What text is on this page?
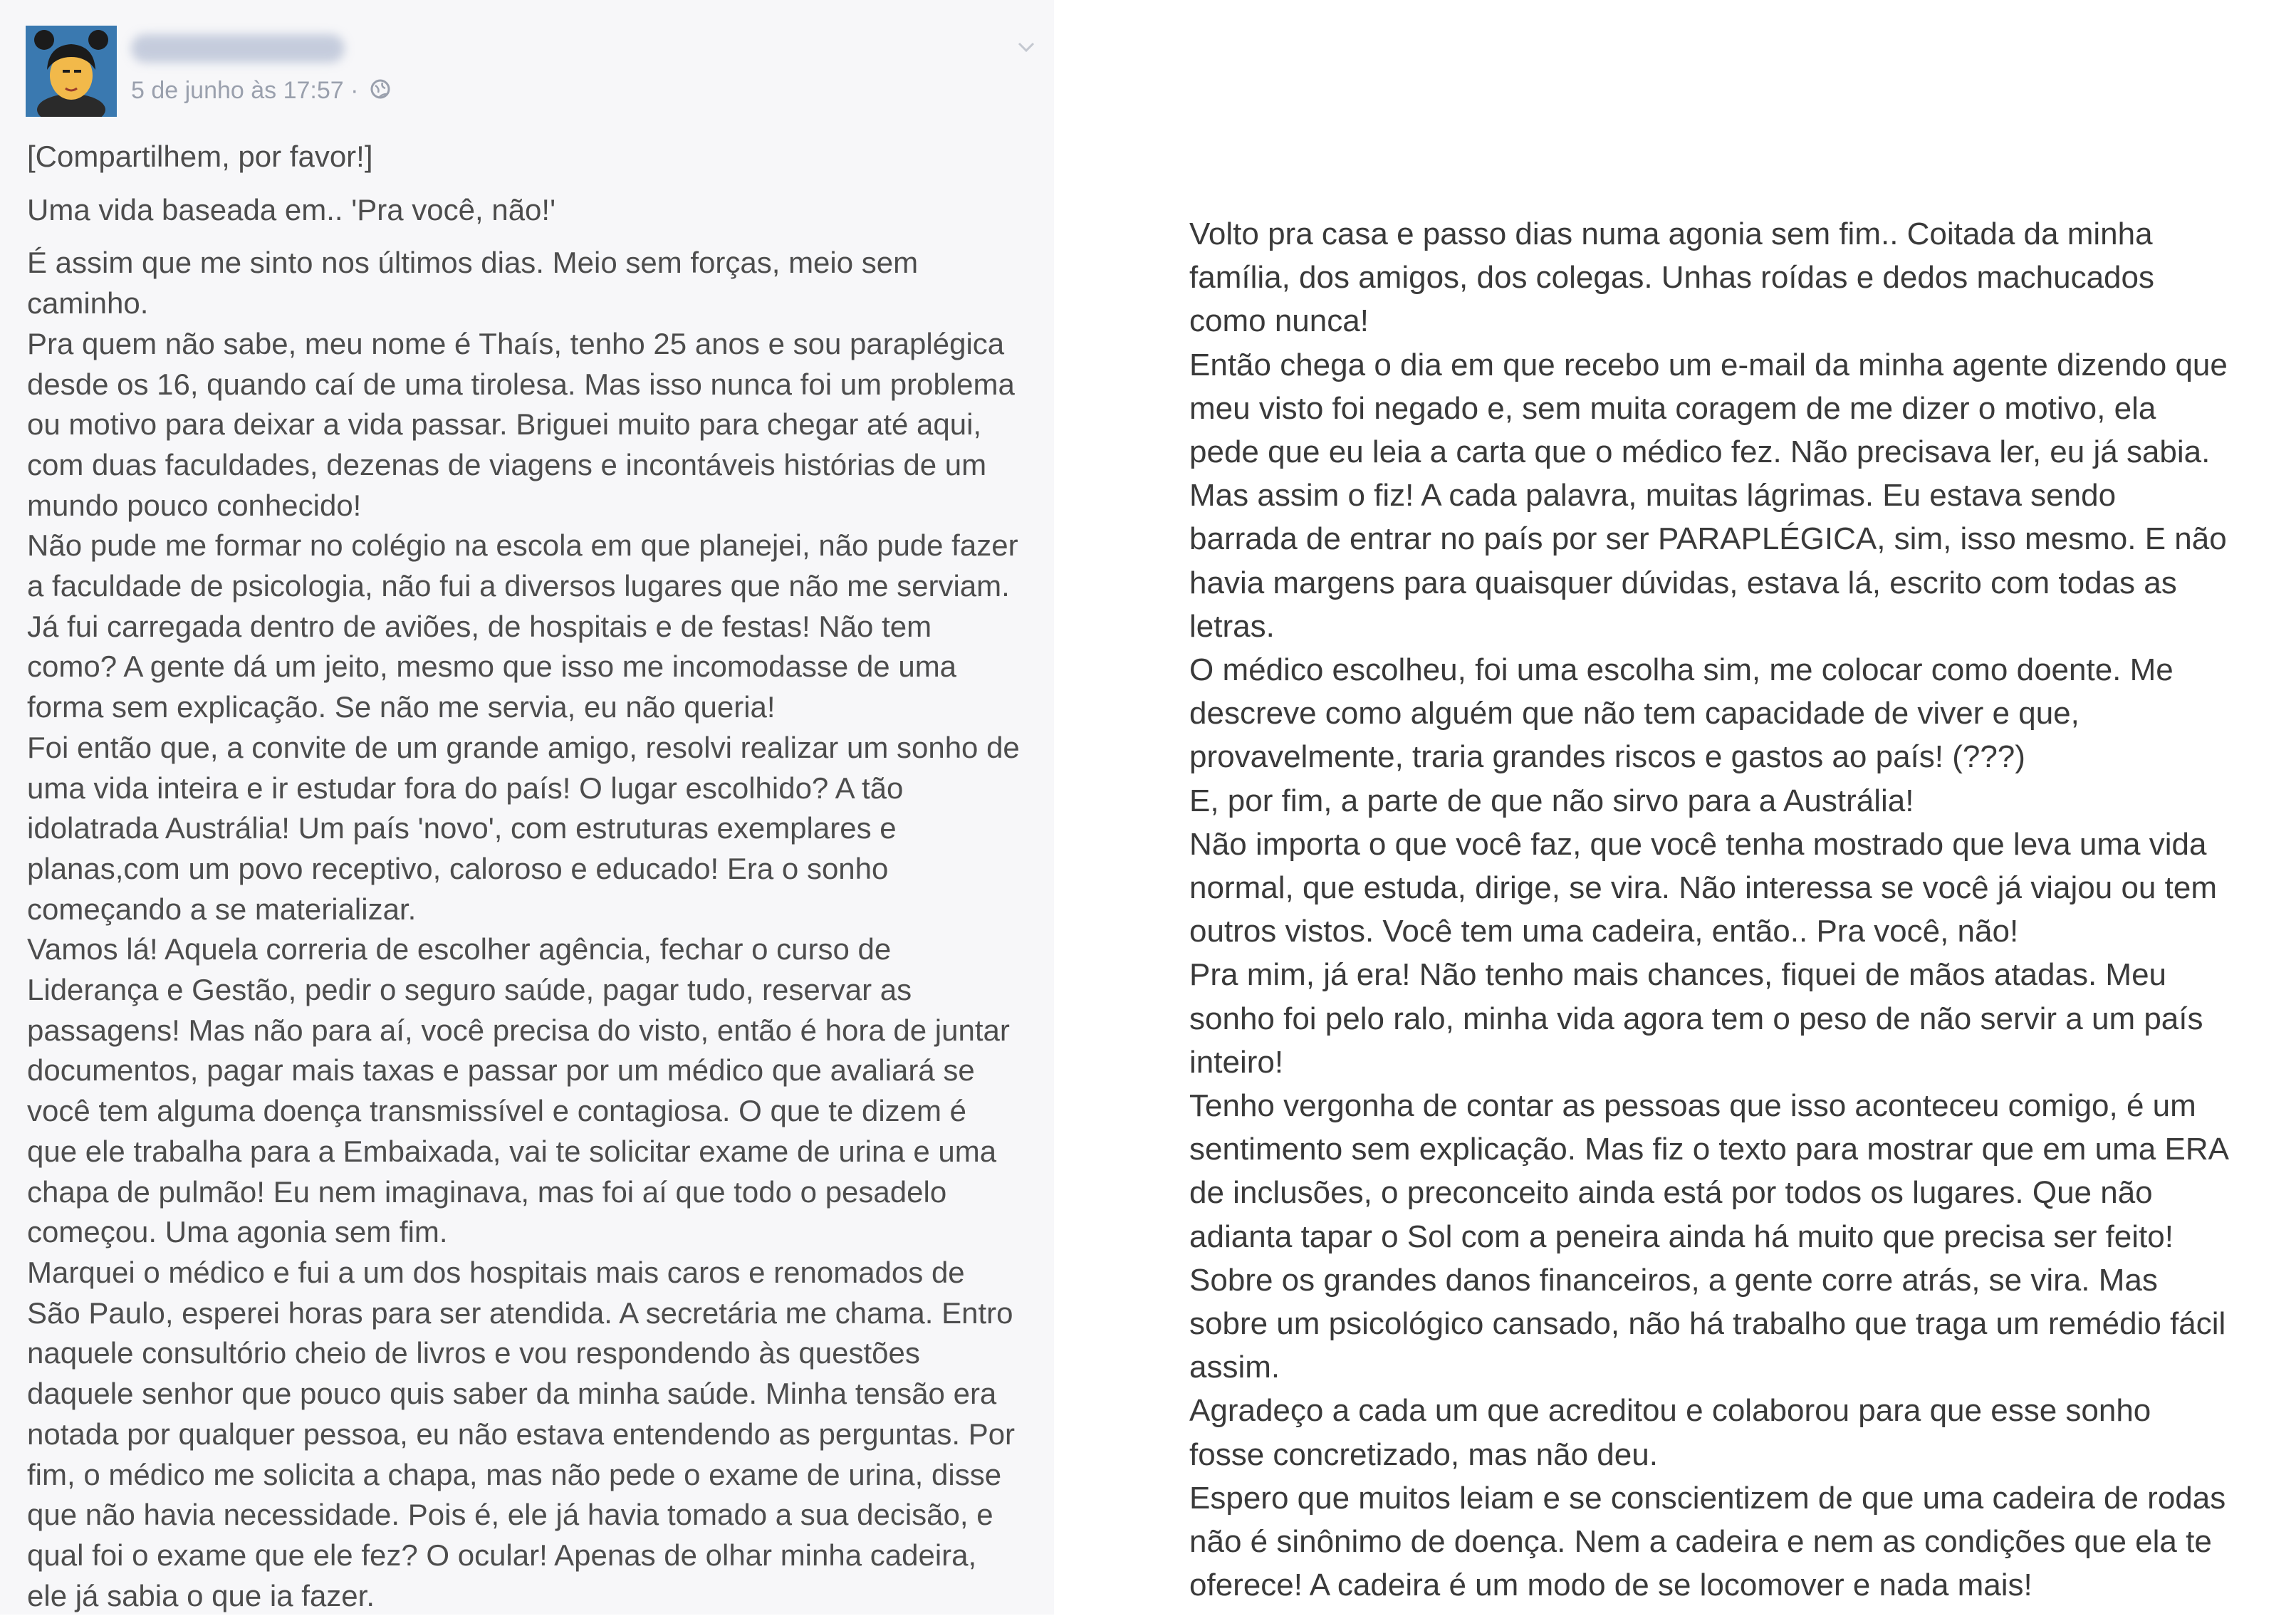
5 de junho às 17:57 ·
[Compartilhem, por favor!]
Uma vida baseada em.. 'Pra você, não!'
É assim que me sinto nos últimos dias. Meio sem forças, meio sem
caminho.
Pra quem não sabe, meu nome é Thaís, tenho 25 anos e sou paraplégica
desde os 16, quando caí de uma tirolesa. Mas isso nunca foi um problema
ou motivo para deixar a vida passar. Briguei muito para chegar até aqui,
com duas faculdades, dezenas de viagens e incontáveis histórias de um
mundo pouco conhecido!
Não pude me formar no colégio na escola em que planejei, não pude fazer
a faculdade de psicologia, não fui a diversos lugares que não me serviam.
Já fui carregada dentro de aviões, de hospitais e de festas! Não tem
como? A gente dá um jeito, mesmo que isso me incomodasse de uma
forma sem explicação. Se não me servia, eu não queria!
Foi então que, a convite de um grande amigo, resolvi realizar um sonho de
uma vida inteira e ir estudar fora do país! O lugar escolhido? A tão
idolatrada Austrália! Um país 'novo', com estruturas exemplares e
planas,com um povo receptivo, caloroso e educado! Era o sonho
começando a se materializar.
Vamos lá! Aquela correria de escolher agência, fechar o curso de
Liderança e Gestão, pedir o seguro saúde, pagar tudo, reservar as
passagens! Mas não para aí, você precisa do visto, então é hora de juntar
documentos, pagar mais taxas e passar por um médico que avaliará se
você tem alguma doença transmissível e contagiosa. O que te dizem é
que ele trabalha para a Embaixada, vai te solicitar exame de urina e uma
chapa de pulmão! Eu nem imaginava, mas foi aí que todo o pesadelo
começou. Uma agonia sem fim.
Marquei o médico e fui a um dos hospitais mais caros e renomados de
São Paulo, esperei horas para ser atendida. A secretária me chama. Entro
naquele consultório cheio de livros e vou respondendo às questões
daquele senhor que pouco quis saber da minha saúde. Minha tensão era
notada por qualquer pessoa, eu não estava entendendo as perguntas. Por
fim, o médico me solicita a chapa, mas não pede o exame de urina, disse
que não havia necessidade. Pois é, ele já havia tomado a sua decisão, e
qual foi o exame que ele fez? O ocular! Apenas de olhar minha cadeira,
ele já sabia o que ia fazer.
Volto pra casa e passo dias numa agonia sem fim.. Coitada da minha
família, dos amigos, dos colegas. Unhas roídas e dedos machucados
como nunca!
Então chega o dia em que recebo um e-mail da minha agente dizendo que
meu visto foi negado e, sem muita coragem de me dizer o motivo, ela
pede que eu leia a carta que o médico fez. Não precisava ler, eu já sabia.
Mas assim o fiz! A cada palavra, muitas lágrimas. Eu estava sendo
barrada de entrar no país por ser PARAPLÉGICA, sim, isso mesmo. E não
havia margens para quaisquer dúvidas, estava lá, escrito com todas as
letras.
O médico escolheu, foi uma escolha sim, me colocar como doente. Me
descreve como alguém que não tem capacidade de viver e que,
provavelmente, traria grandes riscos e gastos ao país! (???)
E, por fim, a parte de que não sirvo para a Austrália!
Não importa o que você faz, que você tenha mostrado que leva uma vida
normal, que estuda, dirige, se vira. Não interessa se você já viajou ou tem
outros vistos. Você tem uma cadeira, então.. Pra você, não!
Pra mim, já era! Não tenho mais chances, fiquei de mãos atadas. Meu
sonho foi pelo ralo, minha vida agora tem o peso de não servir a um país
inteiro!
Tenho vergonha de contar as pessoas que isso aconteceu comigo, é um
sentimento sem explicação. Mas fiz o texto para mostrar que em uma ERA
de inclusões, o preconceito ainda está por todos os lugares. Que não
adianta tapar o Sol com a peneira ainda há muito que precisa ser feito!
Sobre os grandes danos financeiros, a gente corre atrás, se vira. Mas
sobre um psicológico cansado, não há trabalho que traga um remédio fácil
assim.
Agradeço a cada um que acreditou e colaborou para que esse sonho
fosse concretizado, mas não deu.
Espero que muitos leiam e se conscientizem de que uma cadeira de rodas
não é sinônimo de doença. Nem a cadeira e nem as condições que ela te
oferece! A cadeira é um modo de se locomover e nada mais!
